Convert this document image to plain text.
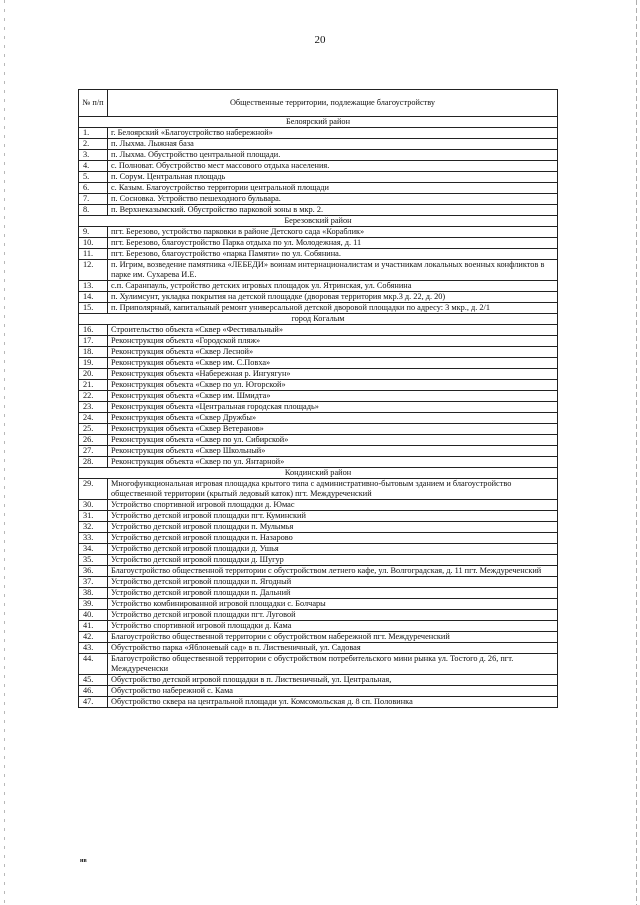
20
№ п/п	Общественные территории, подлежащие благоустройству
Белоярский район	
1.	г. Белоярский «Благоустройство набережной»
2.	п. Лыхма. Лыжная база
3.	п. Лыхма. Обустройство центральной площади.
4.	с. Полноват. Обустройство мест массового отдыха населения.
5.	п. Сорум. Центральная площадь
6.	с. Казым. Благоустройство территории центральной площади
7.	п. Сосновка. Устройство пешеходного бульвара.
8.	п. Верхнеказымский. Обустройство парковой зоны в мкр. 2.
Березовский район	
9.	пгт. Березово, устройство парковки в районе Детского сада «Кораблик»
10.	пгт. Березово, благоустройство Парка отдыха по ул. Молодежная, д. 11
11.	пгт. Березово, благоустройство «парка Памяти» по ул. Собянина.
12.	п. Игрим, возведение памятника «ЛЕБЕДИ» воинам интернационалистам и участникам локальных военных конфликтов в парке им. Сухарева И.Е.
13.	с.п. Саранпауль, устройство детских игровых площадок ул. Ятринская, ул. Собянина
14.	п. Хулимсунт, укладка покрытия на детской площадке (дворовая территория мкр.3 д. 22, д. 20)
15.	п. Приполярный, капитальный ремонт универсальной детской дворовой площадки по адресу: 3 мкр., д. 2/1
город Когалым	
16.	Строительство объекта «Сквер «Фестивальный»
17.	Реконструкция объекта «Городской пляж»
18.	Реконструкция объекта «Сквер Лесной»
19.	Реконструкция объекта «Сквер им. С.Повха»
20.	Реконструкция объекта «Набережная р. Ингуягун»
21.	Реконструкция объекта «Сквер по ул. Югорской»
22.	Реконструкция объекта «Сквер им. Шмидта»
23.	Реконструкция объекта «Центральная городская площадь»
24.	Реконструкция объекта «Сквер Дружбы»
25.	Реконструкция объекта «Сквер Ветеранов»
26.	Реконструкция объекта «Сквер по ул. Сибирской»
27.	Реконструкция объекта «Сквер Школьный»
28.	Реконструкция объекта «Сквер по ул. Янтарной»
Кондинский район	
29.	Многофункциональная игровая площадка крытого типа с административно-бытовым зданием и благоустройство общественной территории (крытый ледовый каток) пгт. Междуреченский
30.	Устройство спортивной игровой площадки д. Юмас
31.	Устройство детской игровой площадки пгт. Куминский
32.	Устройство детской игровой площадки п. Мулымья
33.	Устройство детской игровой площадки п. Назарово
34.	Устройство детской игровой площадки д. Ушья
35.	Устройство детской игровой площадки д. Шугур
36.	Благоустройство общественной территории с обустройством летнего кафе, ул. Волгоградская, д. 11 пгт. Междуреченский
37.	Устройство детской игровой площадки п. Ягодный
38.	Устройство детской игровой площадки п. Дальний
39.	Устройство комбинированной игровой площадки с. Болчары
40.	Устройство детской игровой площадки пгт. Луговой
41.	Устройство спортивной игровой площадки д. Кама
42.	Благоустройство общественной территории с обустройством набережной пгт. Междуреченский
43.	Обустройство парка «Яблоневый сад» в п. Лиственичный, ул. Садовая
44.	Благоустройство общественной территории с обустройством потребительского мини рынка ул. Тостого д. 26, пгт. Междуреченски
45.	Обустройство детской игровой площадки в п. Лиственичный, ул. Центральная,
46.	Обустройство набережной с. Кама
47.	Обустройство сквера на центральной площади ул. Комсомольская д. 8 сп. Половинка
нв
